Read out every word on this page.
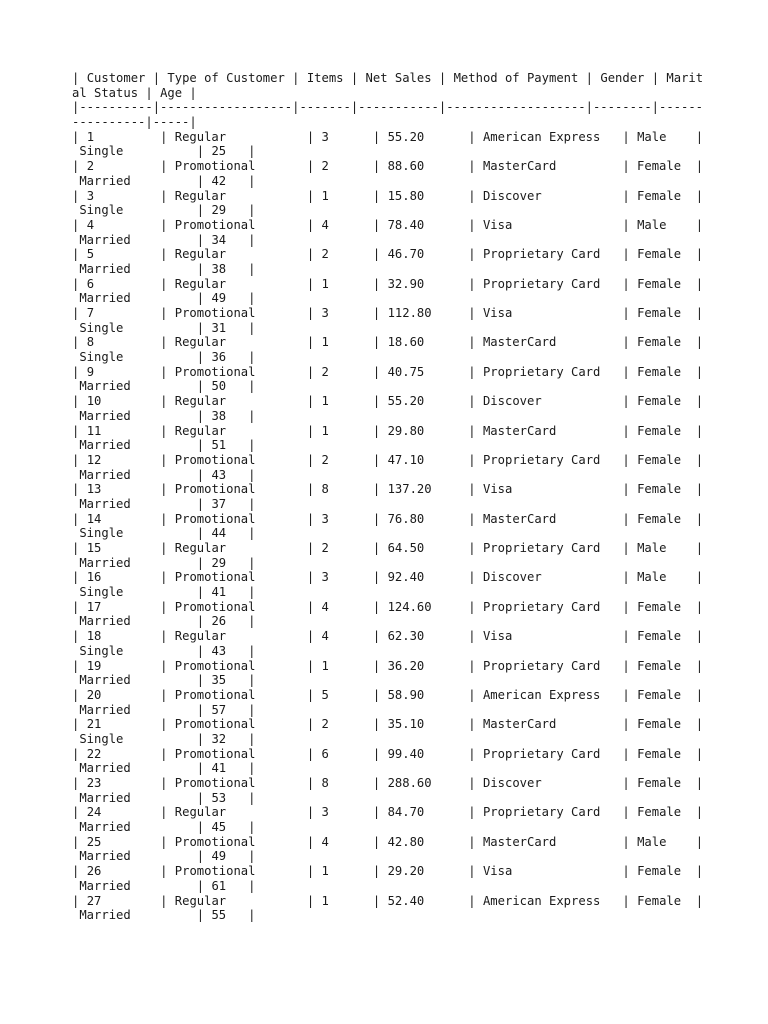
| Customer | Type of Customer | Items | Net Sales | Method of Payment | Gender | Marit
al Status | Age |
|----------|------------------|-------|-----------|-------------------|--------|------
----------|-----|
| 1	| Regular	| 3	| 55.20	| American Express   | Male    |
Single	| 25   |
| 2	| Promotional	| 2	| 88.60	| MasterCard	| Female  |
Married	| 42   |
| 3	| Regular	| 1	| 15.80	| Discover	| Female  |
Single	| 29   |
| 4	| Promotional	| 4	| 78.40	| Visa	| Male    |
Married	| 34   |
| 5	| Regular	| 2	| 46.70	| Proprietary Card   | Female  |
Married	| 38   |
| 6	| Regular	| 1	| 32.90	| Proprietary Card   | Female  |
Married	| 49   |
| 7	| Promotional	| 3	| 112.80     | Visa	| Female  |
Single	| 31   |
| 8	| Regular	| 1	| 18.60	| MasterCard	| Female  |
Single	| 36   |
| 9	| Promotional	| 2	| 40.75	| Proprietary Card   | Female  |
Married	| 50   |
| 10	| Regular	| 1	| 55.20	| Discover	| Female  |
Married	| 38   |
| 11	| Regular	| 1	| 29.80	| MasterCard	| Female  |
Married	| 51   |
| 12	| Promotional	| 2	| 47.10	| Proprietary Card   | Female  |
Married	| 43   |
| 13	| Promotional	| 8	| 137.20     | Visa	| Female  |
Married	| 37   |
| 14	| Promotional	| 3	| 76.80	| MasterCard	| Female  |
Single	| 44   |
| 15	| Regular	| 2	| 64.50	| Proprietary Card   | Male    |
Married	| 29   |
| 16	| Promotional	| 3	| 92.40	| Discover	| Male    |
Single	| 41   |
| 17	| Promotional	| 4	| 124.60     | Proprietary Card   | Female  |
Married	| 26   |
| 18	| Regular	| 4	| 62.30	| Visa	| Female  |
Single	| 43   |
| 19	| Promotional	| 1	| 36.20	| Proprietary Card   | Female  |
Married	| 35   |
| 20	| Promotional	| 5	| 58.90	| American Express   | Female  |
Married	| 57   |
| 21	| Promotional	| 2	| 35.10	| MasterCard	| Female  |
Single	| 32   |
| 22	| Promotional	| 6	| 99.40	| Proprietary Card   | Female  |
Married	| 41   |
| 23	| Promotional	| 8	| 288.60     | Discover	| Female  |
Married	| 53   |
| 24	| Regular	| 3	| 84.70	| Proprietary Card   | Female  |
Married	| 45   |
| 25	| Promotional	| 4	| 42.80	| MasterCard	| Male    |
Married	| 49   |
| 26	| Promotional	| 1	| 29.20	| Visa	| Female  |
Married	| 61   |
| 27	| Regular	| 1	| 52.40	| American Express   | Female  |
Married	| 55   |
